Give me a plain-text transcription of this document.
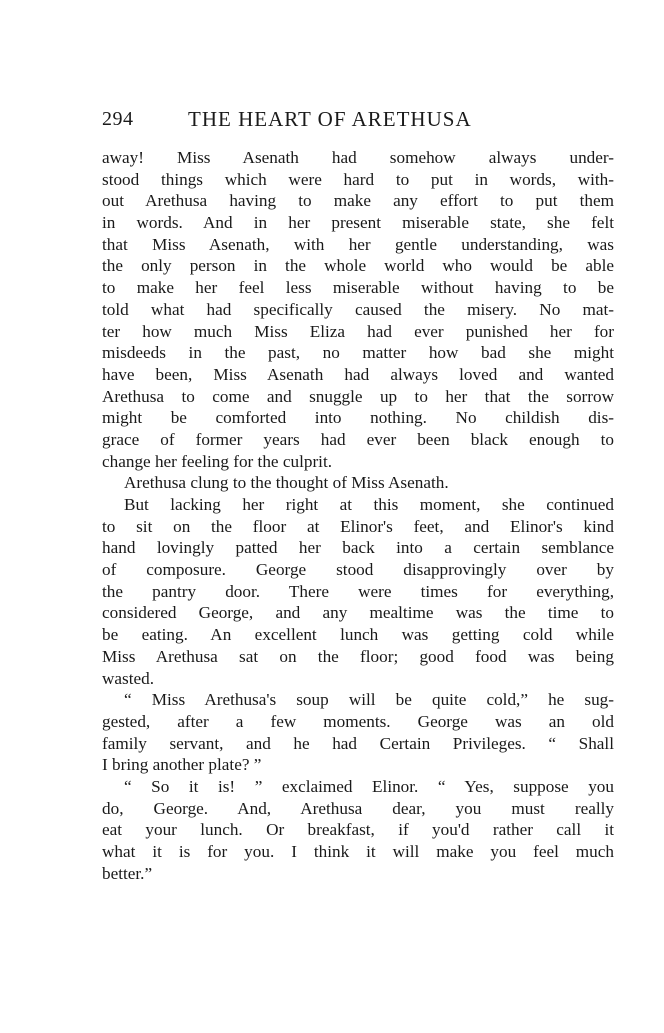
294	THE HEART OF ARETHUSA
away! Miss Asenath had somehow always under-
stood things which were hard to put in words, with-
out Arethusa having to make any effort to put them
in words. And in her present miserable state, she felt
that Miss Asenath, with her gentle understanding, was
the only person in the whole world who would be able
to make her feel less miserable without having to be
told what had specifically caused the misery. No mat-
ter how much Miss Eliza had ever punished her for
misdeeds in the past, no matter how bad she might
have been, Miss Asenath had always loved and wanted
Arethusa to come and snuggle up to her that the sorrow
might be comforted into nothing. No childish dis-
grace of former years had ever been black enough to
change her feeling for the culprit.
Arethusa clung to the thought of Miss Asenath.
But lacking her right at this moment, she continued
to sit on the floor at Elinor's feet, and Elinor's kind
hand lovingly patted her back into a certain semblance
of composure. George stood disapprovingly over by
the pantry door. There were times for everything,
considered George, and any mealtime was the time to
be eating. An excellent lunch was getting cold while
Miss Arethusa sat on the floor; good food was being
wasted.
“ Miss Arethusa's soup will be quite cold,” he sug-
gested, after a few moments. George was an old
family servant, and he had Certain Privileges. “ Shall
I bring another plate? ”
“ So it is! ” exclaimed Elinor. “ Yes, suppose you
do, George. And, Arethusa dear, you must really
eat your lunch. Or breakfast, if you'd rather call it
what it is for you. I think it will make you feel much
better.”
